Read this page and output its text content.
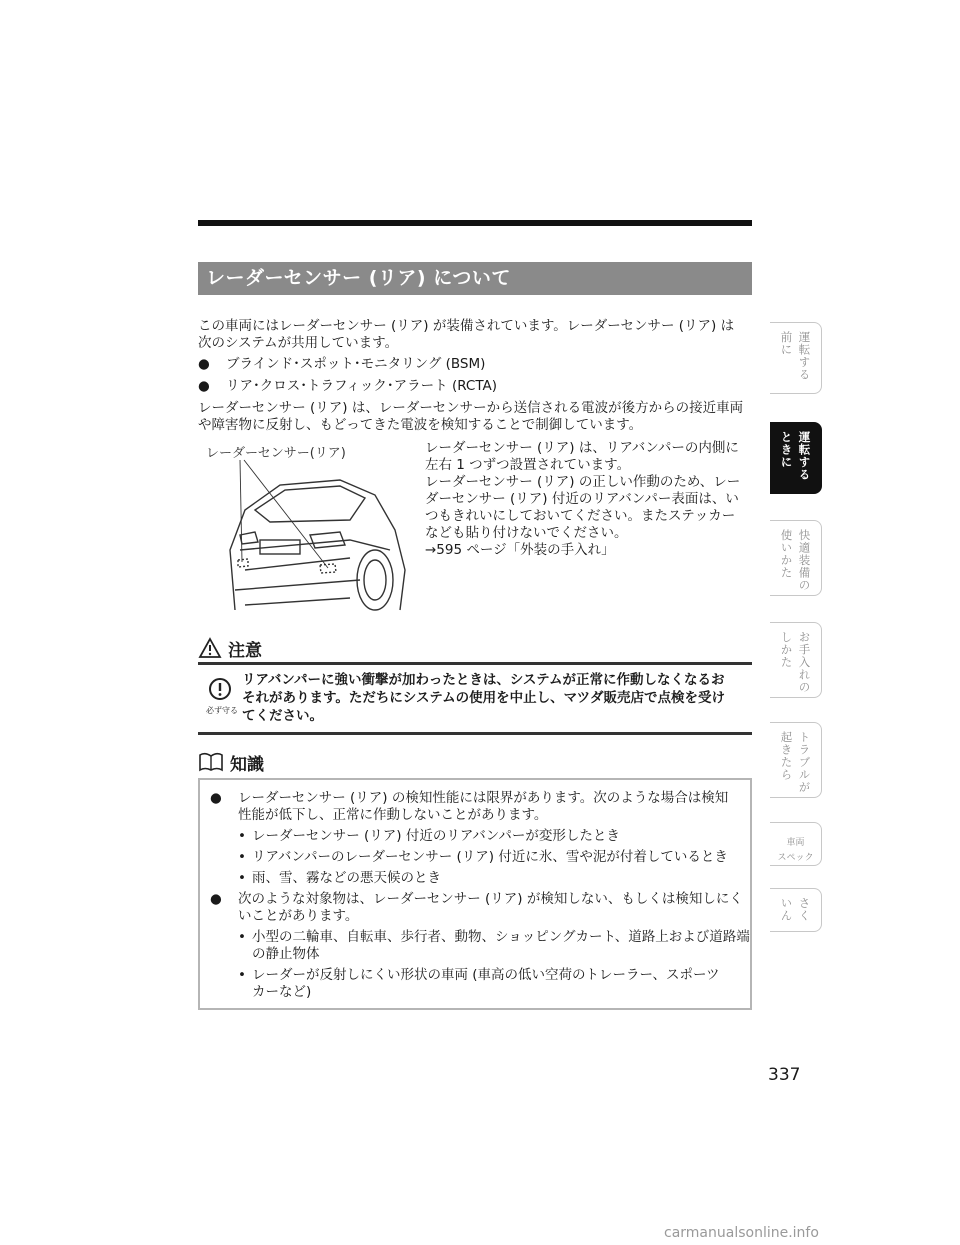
レーダーセンサー (リア) について
この車両にはレーダーセンサー (リア) が装備されています。レーダーセンサー (リア) は
次のシステムが共用しています。
● ブラインド･スポット･モニタリング (BSM)
● リア･クロス･トラフィック･アラート (RCTA)
レーダーセンサー (リア) は、レーダーセンサーから送信される電波が後方からの接近車両
や障害物に反射し、もどってきた電波を検知することで制御しています。
レーダーセンサー(リア)	レーダーセンサー (リア) は、リアバンパーの内側に
左右 1 つずつ設置されています。
レーダーセンサー (リア) の正しい作動のため、レー
ダーセンサー (リア) 付近のリアバンパー表面は、い
つもきれいにしておいてください。またステッカー
なども貼り付けないでください。
→595 ページ「外装の手入れ」
注意
必ず守る
リアバンパーに強い衝撃が加わったときは、システムが正常に作動しなくなるお
それがあります。ただちにシステムの使用を中止し、マツダ販売店で点検を受け
てください。
知識
● レーダーセンサー (リア) の検知性能には限界があります。次のような場合は検知
性能が低下し、正常に作動しないことがあります。
• レーダーセンサー (リア) 付近のリアバンパーが変形したとき
• リアバンパーのレーダーセンサー (リア) 付近に氷、雪や泥が付着しているとき
• 雨、雪、霧などの悪天候のとき
● 次のような対象物は、レーダーセンサー (リア) が検知しない、もしくは検知しにく
いことがあります。
• 小型の二輪車、自転車、歩行者、動物、ショッピングカート、道路上および道路端
の静止物体
• レーダーが反射しにくい形状の車両 (車高の低い空荷のトレーラー、スポーツ
カーなど)
337
運転する
前に
運転する
ときに
快適装備の
使いかた
お手入れの
しかた
トラブルが
起きたら
車両
スペック
さく
いん
carmanualsonline.info
